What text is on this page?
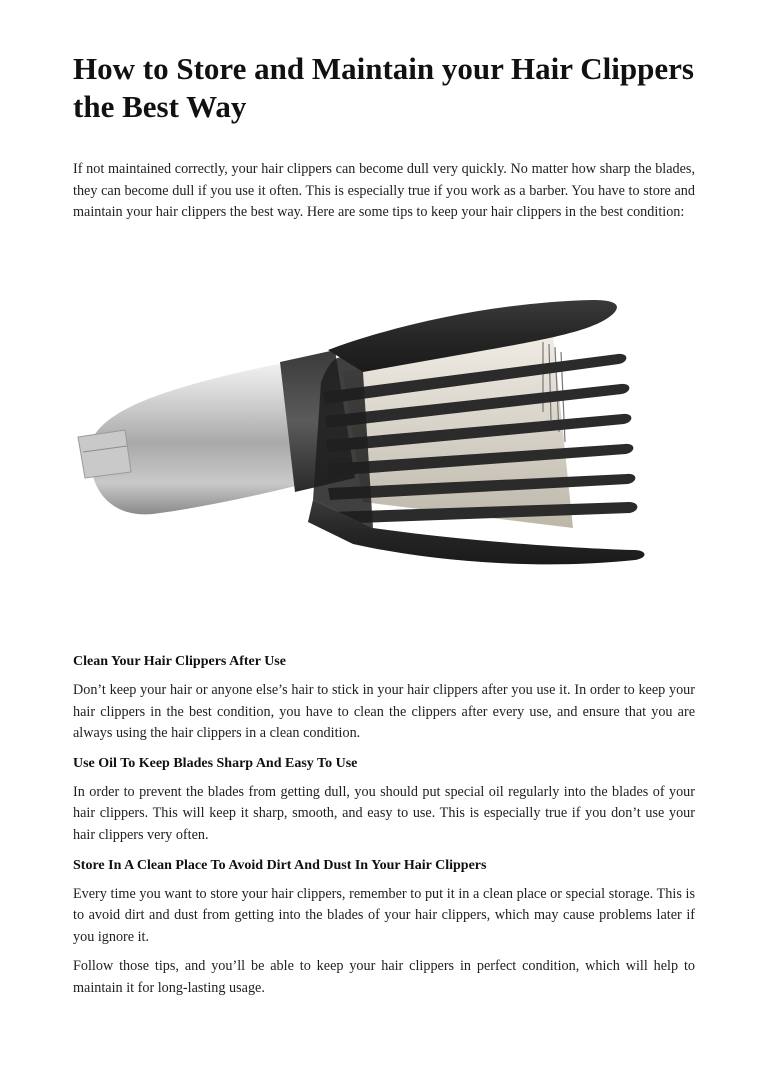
How to Store and Maintain your Hair Clippers the Best Way

If not maintained correctly, your hair clippers can become dull very quickly. No matter how sharp the blades, they can become dull if you use it often. This is especially true if you work as a barber. You have to store and maintain your hair clippers the best way. Here are some tips to keep your hair clippers in the best condition:

Clean Your Hair Clippers After Use

Don’t keep your hair or anyone else’s hair to stick in your hair clippers after you use it. In order to keep your hair clippers in the best condition, you have to clean the clippers after every use, and ensure that you are always using the hair clippers in a clean condition.

Use Oil To Keep Blades Sharp And Easy To Use

In order to prevent the blades from getting dull, you should put special oil regularly into the blades of your hair clippers. This will keep it sharp, smooth, and easy to use. This is especially true if you don’t use your hair clippers very often.

Store In A Clean Place To Avoid Dirt And Dust In Your Hair Clippers

Every time you want to store your hair clippers, remember to put it in a clean place or special storage. This is to avoid dirt and dust from getting into the blades of your hair clippers, which may cause problems later if you ignore it.

Follow those tips, and you’ll be able to keep your hair clippers in perfect condition, which will help to maintain it for long-lasting usage.
